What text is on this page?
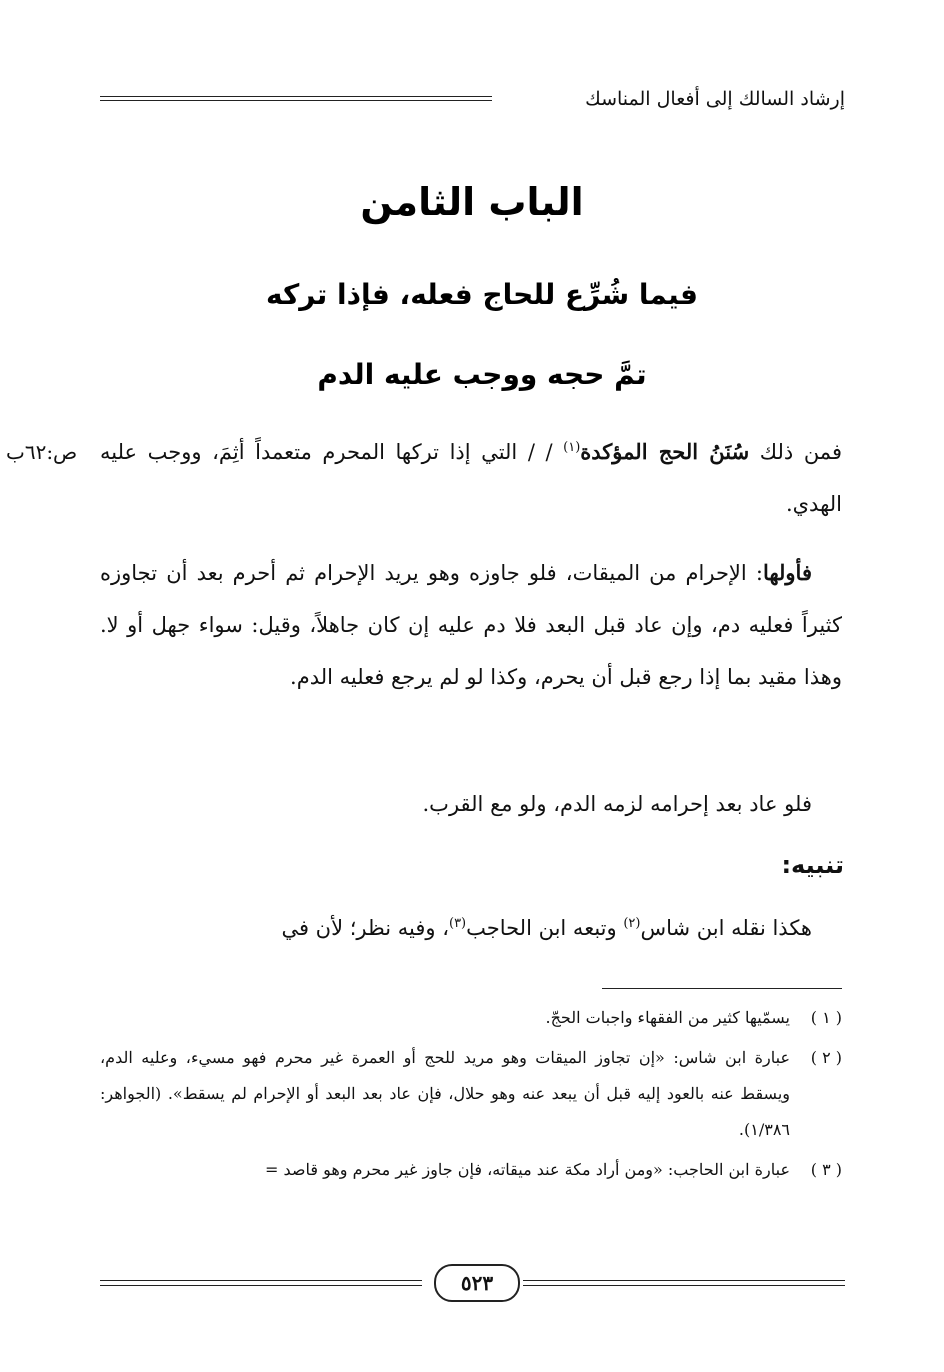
إرشاد السالك إلى أفعال المناسك
الباب الثامن
فيما شُرِّع للحاج فعله، فإذا تركه
تمَّ حجه ووجب عليه الدم
ص:٦٢ب	فمن ذلك سُنَنُ الحج المؤكدة$^{(١)}$ / / التي إذا تركها المحرم متعمداً أثِمَ، ووجب عليه الهدي.
فأولها: الإحرام من الميقات، فلو جاوزه وهو يريد الإحرام ثم أحرم بعد أن تجاوزه كثيراً فعليه دم، وإن عاد قبل البعد فلا دم عليه إن كان جاهلاً، وقيل: سواء جهل أو لا. وهذا مقيد بما إذا رجع قبل أن يحرم، وكذا لو لم يرجع فعليه الدم.
فلو عاد بعد إحرامه لزمه الدم، ولو مع القرب.
تنبيه:
هكذا نقله ابن شاس$^{(٢)}$ وتبعه ابن الحاجب$^{(٣)}$، وفيه نظر؛ لأن في
( ١ )
يسمّيها كثير من الفقهاء واجبات الحجّ.
( ٢ )
عبارة ابن شاس: «إن تجاوز الميقات وهو مريد للحج أو العمرة غير محرم فهو مسيء، وعليه الدم، ويسقط عنه بالعود إليه قبل أن يبعد عنه وهو حلال، فإن عاد بعد البعد أو الإحرام لم يسقط». (الجواهر: ١/٣٨٦).
( ٣ )
عبارة ابن الحاجب: «ومن أراد مكة عند ميقاته، فإن جاوز غير محرم وهو قاصد =
٥٢٣
